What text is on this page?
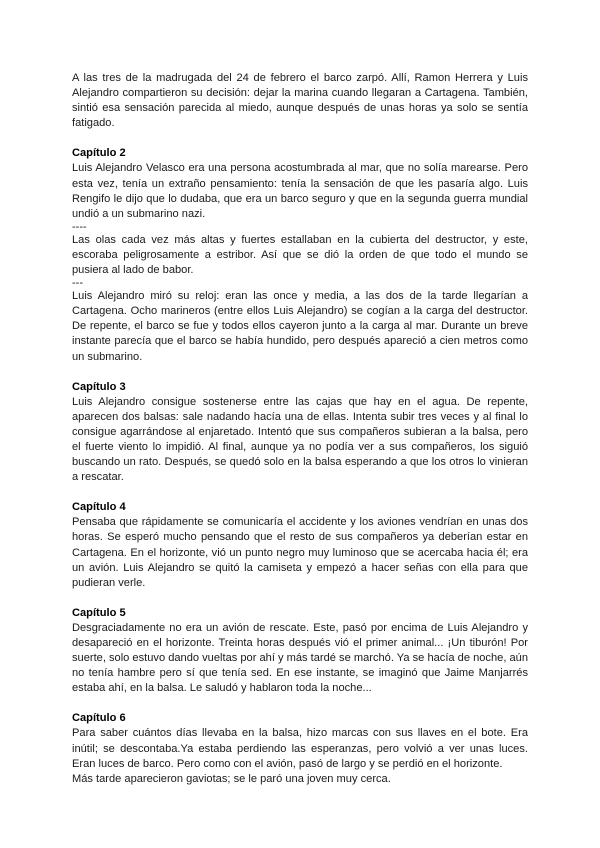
A las tres de la madrugada del 24 de febrero el barco zarpó. Allí, Ramon Herrera y Luis Alejandro compartieron su decisión: dejar la marina cuando llegaran a Cartagena. También, sintió esa sensación parecida al miedo, aunque después de unas horas ya solo se sentía fatigado.

Capítulo 2

Luis Alejandro Velasco era una persona acostumbrada al mar, que no solía marearse. Pero esta vez, tenía un extraño pensamiento: tenía la sensación de que les pasaría algo. Luis Rengifo le dijo que lo dudaba, que era un barco seguro y que en la segunda guerra mundial undió a un submarino nazi.

----

Las olas cada vez más altas y fuertes estallaban en la cubierta del destructor, y este, escoraba peligrosamente a estribor. Así que se dió la orden de que todo el mundo se pusiera al lado de babor.

---

Luis Alejandro miró su reloj: eran las once y media, a las dos de la tarde llegarían a Cartagena. Ocho marineros (entre ellos Luis Alejandro) se cogían a la carga del destructor. De repente, el barco se fue y todos ellos cayeron junto a la carga al mar. Durante un breve instante parecía que el barco se había hundido, pero después apareció a cien metros como un submarino.

Capítulo 3

Luis Alejandro consigue sostenerse entre las cajas que hay en el agua. De repente, aparecen dos balsas: sale nadando hacía una de ellas. Intenta subir tres veces y al final lo consigue agarrándose al enjaretado. Intentó que sus compañeros subieran a la balsa, pero el fuerte viento lo impidió. Al final, aunque ya no podía ver a sus compañeros, los siguió buscando un rato. Después, se quedó solo en la balsa esperando a que los otros lo vinieran a rescatar.

Capítulo 4

Pensaba que rápidamente se comunicaría el accidente y los aviones vendrían en unas dos horas. Se esperó mucho pensando que el resto de sus compañeros ya deberían estar en Cartagena. En el horizonte, vió un punto negro muy luminoso que se acercaba hacia él; era un avión. Luis Alejandro se quitó la camiseta y empezó a hacer señas con ella para que pudieran verle.

Capítulo 5

Desgraciadamente no era un avión de rescate. Este, pasó por encima de Luis Alejandro y desapareció en el horizonte. Treinta horas después vió el primer animal... ¡Un tiburón! Por suerte, solo estuvo dando vueltas por ahí y más tardé se marchó. Ya se hacía de noche, aún no tenía hambre pero sí que tenía sed. En ese instante, se imaginó que Jaime Manjarrés estaba ahí, en la balsa. Le saludó y hablaron toda la noche...

Capítulo 6

Para saber cuántos días llevaba en la balsa, hizo marcas con sus llaves en el bote. Era inútil; se descontaba.Ya estaba perdiendo las esperanzas, pero volvió a ver unas luces. Eran luces de barco. Pero como con el avión, pasó de largo y se perdió en el horizonte.

Más tarde aparecieron gaviotas; se le paró una joven muy cerca.
